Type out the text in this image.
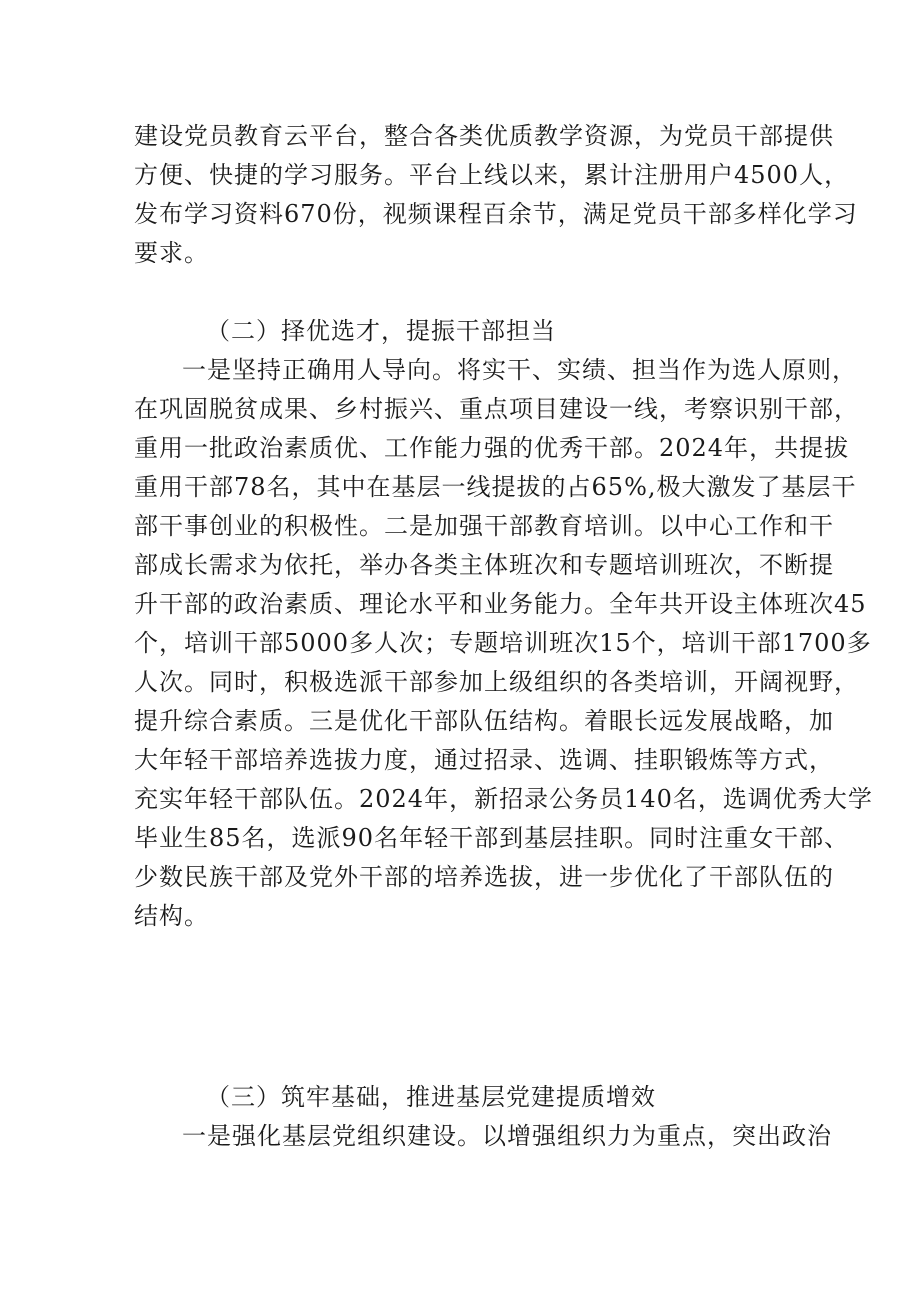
建设党员教育云平台，整合各类优质教学资源，为党员干部提供
方便、快捷的学习服务。平台上线以来，累计注册用户4500人，
发布学习资料670份，视频课程百余节，满足党员干部多样化学习
要求。
（二）择优选才，提振干部担当
一是坚持正确用人导向。将实干、实绩、担当作为选人原则，
在巩固脱贫成果、乡村振兴、重点项目建设一线，考察识别干部，
重用一批政治素质优、工作能力强的优秀干部。2024年，共提拔
重用干部78名，其中在基层一线提拔的占65%,极大激发了基层干
部干事创业的积极性。二是加强干部教育培训。以中心工作和干
部成长需求为依托，举办各类主体班次和专题培训班次，不断提
升干部的政治素质、理论水平和业务能力。全年共开设主体班次45
个，培训干部5000多人次；专题培训班次15个，培训干部1700多
人次。同时，积极选派干部参加上级组织的各类培训，开阔视野，
提升综合素质。三是优化干部队伍结构。着眼长远发展战略，加
大年轻干部培养选拔力度，通过招录、选调、挂职锻炼等方式，
充实年轻干部队伍。2024年，新招录公务员140名，选调优秀大学
毕业生85名，选派90名年轻干部到基层挂职。同时注重女干部、
少数民族干部及党外干部的培养选拔，进一步优化了干部队伍的
结构。
（三）筑牢基础，推进基层党建提质增效
一是强化基层党组织建设。以增强组织力为重点，突出政治
